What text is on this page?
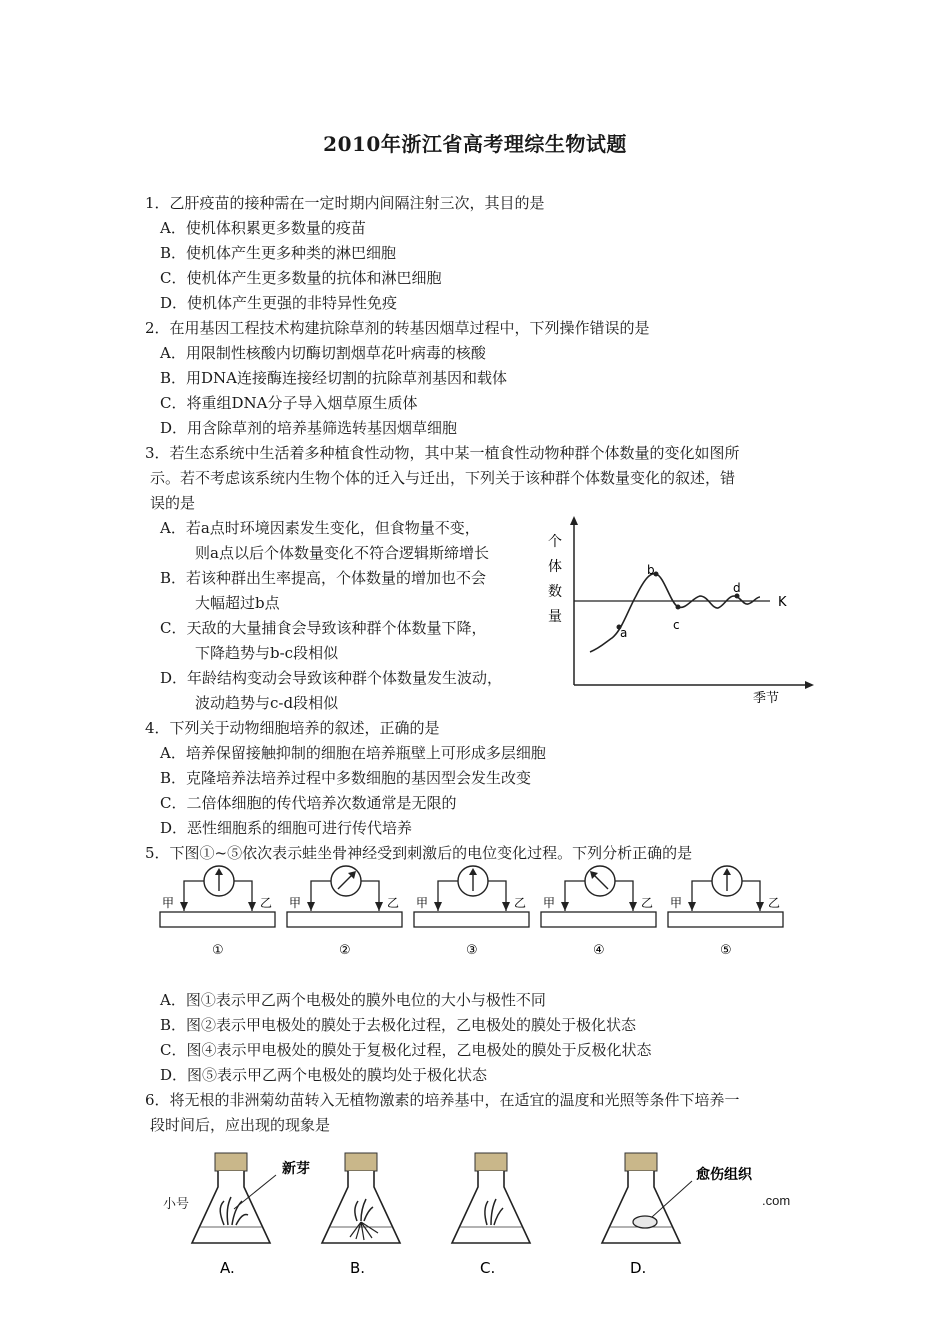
2010年浙江省高考理综生物试题
1．乙肝疫苗的接种需在一定时期内间隔注射三次，其目的是
A．使机体积累更多数量的疫苗
B．使机体产生更多种类的淋巴细胞
C．使机体产生更多数量的抗体和淋巴细胞
D．使机体产生更强的非特异性免疫
2．在用基因工程技术构建抗除草剂的转基因烟草过程中，下列操作错误的是
A．用限制性核酸内切酶切割烟草花叶病毒的核酸
B．用DNA连接酶连接经切割的抗除草剂基因和载体
C．将重组DNA分子导入烟草原生质体
D．用含除草剂的培养基筛选转基因烟草细胞
3．若生态系统中生活着多种植食性动物，其中某一植食性动物种群个体数量的变化如图所
示。若不考虑该系统内生物个体的迁入与迁出，下列关于该种群个体数量变化的叙述，错
误的是
A．若a点时环境因素发生变化，但食物量不变，
则a点以后个体数量变化不符合逻辑斯缔增长
B．若该种群出生率提高，个体数量的增加也不会
大幅超过b点
C．天敌的大量捕食会导致该种群个体数量下降，
下降趋势与b-c段相似
D．年龄结构变动会导致该种群个体数量发生波动，
波动趋势与c-d段相似
个
体
数
量
K
a
b
c
d
季节
4．下列关于动物细胞培养的叙述，正确的是
A．培养保留接触抑制的细胞在培养瓶壁上可形成多层细胞
B．克隆培养法培养过程中多数细胞的基因型会发生改变
C．二倍体细胞的传代培养次数通常是无限的
D．恶性细胞系的细胞可进行传代培养
5．下图①~⑤依次表示蛙坐骨神经受到刺激后的电位变化过程。下列分析正确的是
甲	乙
①
甲	乙
②
甲	乙
③
甲	乙
④
甲	乙
⑤
A．图①表示甲乙两个电极处的膜外电位的大小与极性不同
B．图②表示甲电极处的膜处于去极化过程，乙电极处的膜处于极化状态
C．图④表示甲电极处的膜处于复极化过程，乙电极处的膜处于反极化状态
D．图⑤表示甲乙两个电极处的膜均处于极化状态
6．将无根的非洲菊幼苗转入无植物激素的培养基中，在适宜的温度和光照等条件下培养一
段时间后，应出现的现象是
新芽
A.	B.	C.
愈伤组织
D.
小号	.com
